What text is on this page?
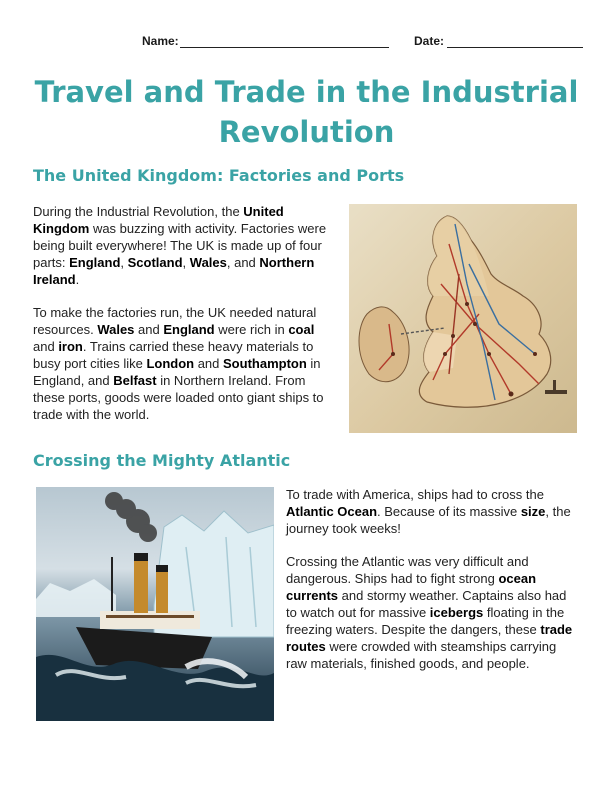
Name:	Date:
Travel and Trade in the Industrial
Revolution
The United Kingdom: Factories and Ports

During the Industrial Revolution, the United Kingdom was buzzing with activity. Factories were being built everywhere! The UK is made up of four parts: England, Scotland, Wales, and Northern Ireland.

To make the factories run, the UK needed natural resources. Wales and England were rich in coal and iron. Trains carried these heavy materials to busy port cities like London and Southampton in England, and Belfast in Northern Ireland. From these ports, goods were loaded onto giant ships to trade with the world.

Crossing the Mighty Atlantic

To trade with America, ships had to cross the Atlantic Ocean. Because of its massive size, the journey took weeks!

Crossing the Atlantic was very difficult and dangerous. Ships had to fight strong ocean currents and stormy weather. Captains also had to watch out for massive icebergs floating in the freezing waters. Despite the dangers, these trade routes were crowded with steamships carrying raw materials, finished goods, and people.
